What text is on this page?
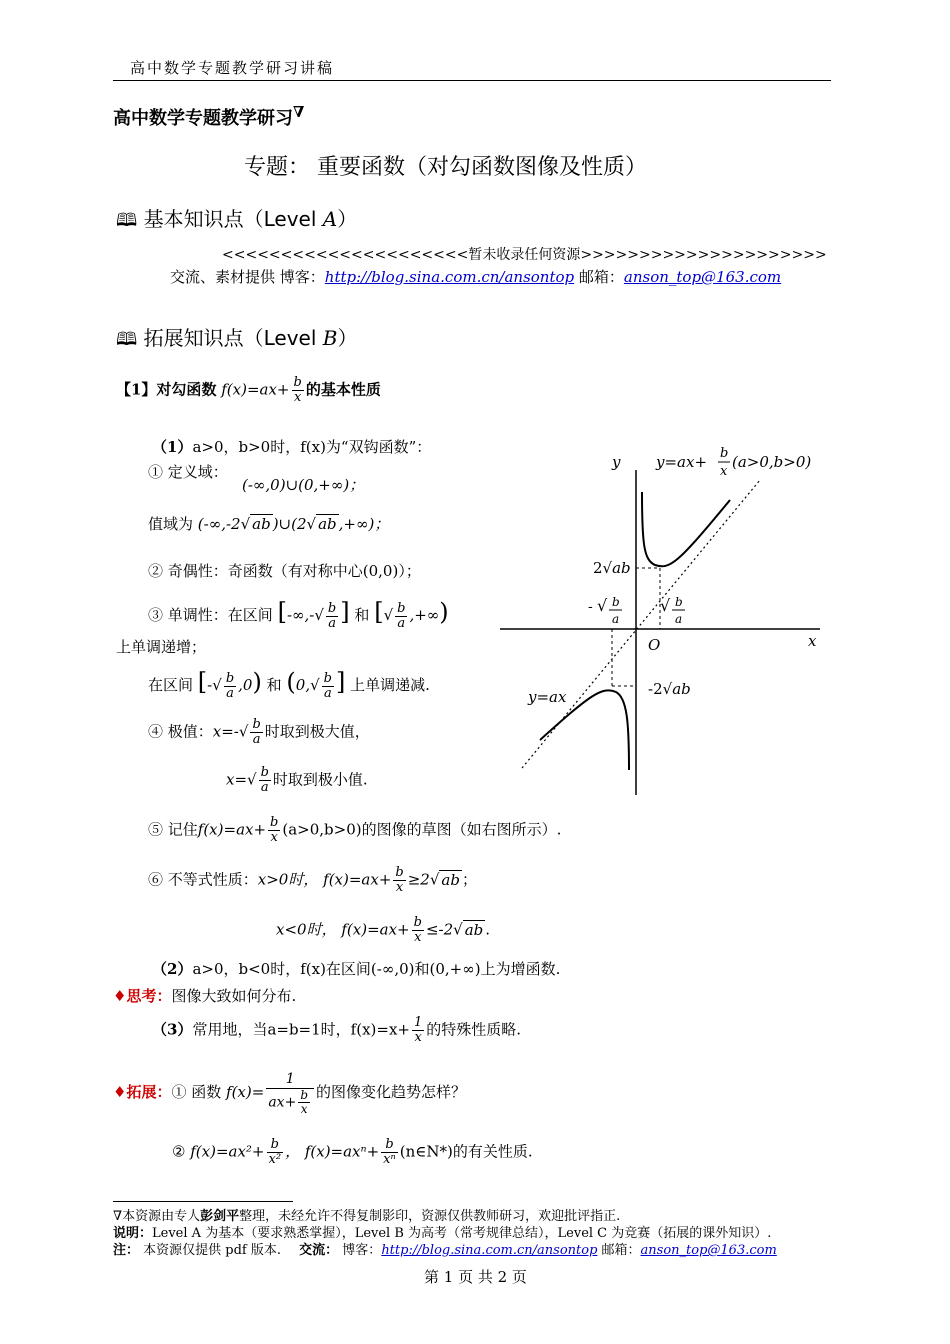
高中数学专题教学研习讲稿
高中数学专题教学研习∇
专题： 重要函数（对勾函数图像及性质）
🕮 基本知识点（Level A）
<<<<<<<<<<<<<<<<<<<<<暂未收录任何资源>>>>>>>>>>>>>>>>>>>>>
交流、素材提供 博客：http://blog.sina.com.cn/ansontop 邮箱：anson_top@163.com
🕮 拓展知识点（Level B）
【1】对勾函数 $f(x)=ax+ \frac{b}{x}$ 的基本性质
（1）a>0，b>0时，f(x)为“双钩函数”：
① 定义域：
(-∞,0)∪(0,+∞)；
值域为 (-∞,-2√ ab )∪(2√ ab ,+∞)；
② 奇偶性：奇函数（有对称中心(0,0)）；
③ 单调性：在区间 [-∞,-√ $\frac{b}{a}$ ] 和 [√ $\frac{b}{a}$ ,+∞)
上单调递增；
在区间 [-√ $\frac{b}{a} ,0$) 和 ($0,√ \frac{b}{a}$ ] 上单调递减.
④ 极值：$x=-√ \frac{b}{a}$ 时取到极大值，
$x=√ \frac{b}{a}$ 时取到极小值.
⑤ 记住$f(x)=ax+ \frac{b}{x} (a>0,b>0)$的图像的草图（如右图所示）.
⑥ 不等式性质：x>0时， $f(x)=ax+ \frac{b}{x} \ge 2√$ ab ；
x<0时， $f(x)=ax+ \frac{b}{x} \le-2√$ ab .
（2）a>0，b<0时，f(x)在区间(-∞,0)和(0,+∞)上为增函数.
♦思考：图像大致如何分布.
（3）常用地，当a=b=1时，$f(x)=x+ \frac{1}{x}$ 的特殊性质略.
♦拓展：① 函数 $f(x)= \frac{1}{ax+ \frac{b}{x}}$ 的图像变化趋势怎样？
② $f(x)=ax^2+ \frac{b}{\text{x²}}$ ， $f(x)=ax^n+ \frac{b}{\text{xⁿ}}$ (n∈N*)的有关性质.
y
x
O
y=ax+ b
x
(a>0,b>0)
2√ab
-2√ab
y=ax
- √ b
a
√ b
a
∇本资源由专人彭剑平整理，未经允许不得复制影印，资源仅供教师研习，欢迎批评指正.
说明：Level A 为基本（要求熟悉掌握），Level B 为高考（常考规律总结），Level C 为竞赛（拓展的课外知识）.
注： 本资源仅提供 pdf 版本. 交流： 博客：http://blog.sina.com.cn/ansontop 邮箱：anson_top@163.com
第 1 页 共 2 页
